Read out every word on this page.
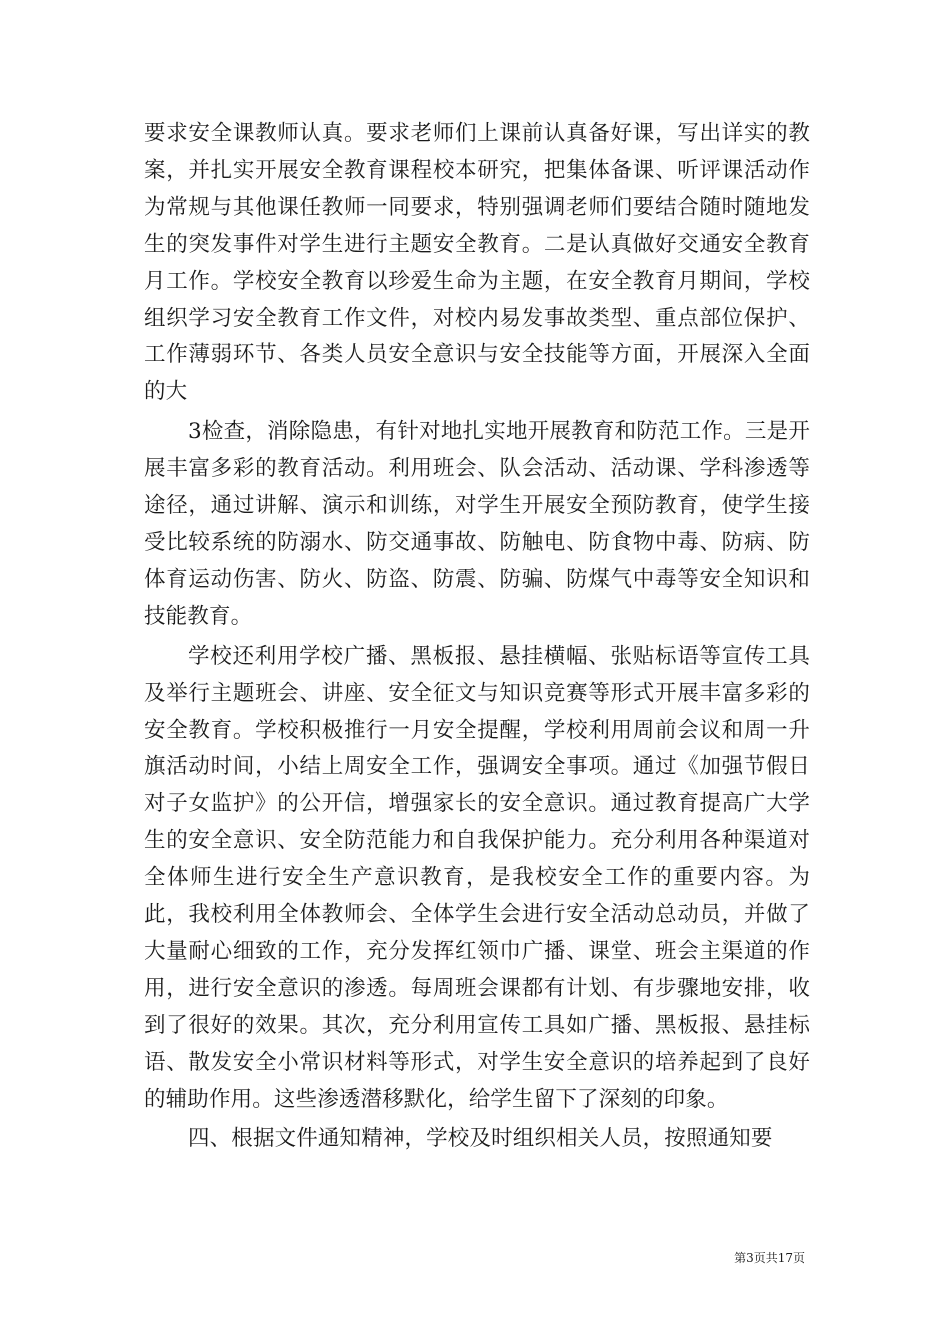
要求安全课教师认真。要求老师们上课前认真备好课，写出详实的教案，并扎实开展安全教育课程校本研究，把集体备课、听评课活动作为常规与其他课任教师一同要求，特别强调老师们要结合随时随地发生的突发事件对学生进行主题安全教育。二是认真做好交通安全教育月工作。学校安全教育以珍爱生命为主题，在安全教育月期间，学校组织学习安全教育工作文件，对校内易发事故类型、重点部位保护、工作薄弱环节、各类人员安全意识与安全技能等方面，开展深入全面的大

3检查，消除隐患，有针对地扎实地开展教育和防范工作。三是开展丰富多彩的教育活动。利用班会、队会活动、活动课、学科渗透等途径，通过讲解、演示和训练，对学生开展安全预防教育，使学生接受比较系统的防溺水、防交通事故、防触电、防食物中毒、防病、防体育运动伤害、防火、防盗、防震、防骗、防煤气中毒等安全知识和技能教育。

学校还利用学校广播、黑板报、悬挂横幅、张贴标语等宣传工具及举行主题班会、讲座、安全征文与知识竞赛等形式开展丰富多彩的安全教育。学校积极推行一月安全提醒，学校利用周前会议和周一升旗活动时间，小结上周安全工作，强调安全事项。通过《加强节假日对子女监护》的公开信，增强家长的安全意识。通过教育提高广大学生的安全意识、安全防范能力和自我保护能力。充分利用各种渠道对全体师生进行安全生产意识教育，是我校安全工作的重要内容。为此，我校利用全体教师会、全体学生会进行安全活动总动员，并做了大量耐心细致的工作，充分发挥红领巾广播、课堂、班会主渠道的作用，进行安全意识的渗透。每周班会课都有计划、有步骤地安排，收到了很好的效果。其次，充分利用宣传工具如广播、黑板报、悬挂标语、散发安全小常识材料等形式，对学生安全意识的培养起到了良好的辅助作用。这些渗透潜移默化，给学生留下了深刻的印象。

四、根据文件通知精神，学校及时组织相关人员，按照通知要

第3页共17页
